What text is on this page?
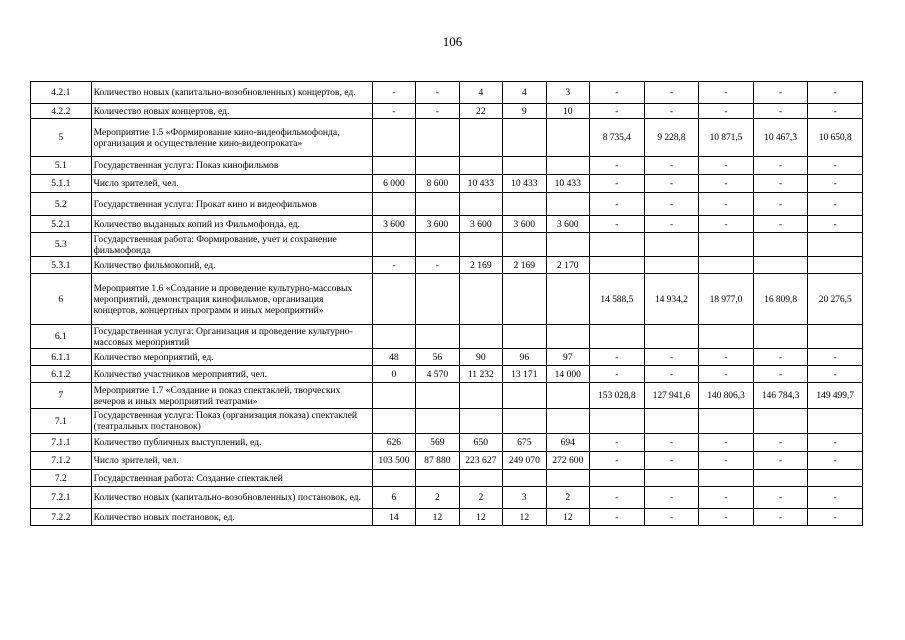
106
4.2.1	Количество новых (капитально-возобновленных) концертов, ед.	-	-	4	4	3	-	-	-	-	-
4.2.2	Количество новых концертов, ед.	-	-	22	9	10	-	-	-	-	-
5	Мероприятие 1.5 «Формирование кино-видеофильмофонда, организация и осуществление кино-видеопроката»						8 735,4	9 228,8	10 871,5	10 467,3	10 650,8
5.1	Государственная услуга: Показ кинофильмов						-	-	-	-	-
5.1.1	Число зрителей, чел.	6 000	8 600	10 433	10 433	10 433	-	-	-	-	-
5.2	Государственная услуга: Прокат кино и видеофильмов						-	-	-	-	-
5.2.1	Количество выданных копий из Фильмофонда, ед.	3 600	3 600	3 600	3 600	3 600	-	-	-	-	-
5.3	Государственная работа: Формирование, учет и сохранение фильмофонда										
5.3.1	Количество фильмокопий, ед.	-	-	2 169	2 169	2 170					
6	Мероприятие 1.6 «Создание и проведение культурно-массовых мероприятий, демонстрация кинофильмов, организация концертов, концертных программ и иных мероприятий»						14 588,5	14 934,2	18 977,0	16 809,8	20 276,5
6.1	Государственная услуга: Организация и проведение культурно-массовых мероприятий										
6.1.1	Количество мероприятий, ед.	48	56	90	96	97	-	-	-	-	-
6.1.2	Количество участников мероприятий, чел.	0	4 570	11 232	13 171	14 000	-	-	-	-	-
7	Мероприятие 1.7 «Создание и показ спектаклей, творческих вечеров и иных мероприятий театрами»						153 028,8	127 941,6	140 806,3	146 784,3	149 499,7
7.1	Государственная услуга: Показ (организация показа) спектаклей (театральных постановок)										
7.1.1	Количество публичных выступлений, ед.	626	569	650	675	694	-	-	-	-	-
7.1.2	Число зрителей, чел.	103 500	87 880	223 627	249 070	272 600	-	-	-	-	-
7.2	Государственная работа: Создание спектаклей										
7.2.1	Количество новых (капитально-возобновленных) постановок, ед.	6	2	2	3	2	-	-	-	-	-
7.2.2	Количество новых постановок, ед.	14	12	12	12	12	-	-	-	-	-
